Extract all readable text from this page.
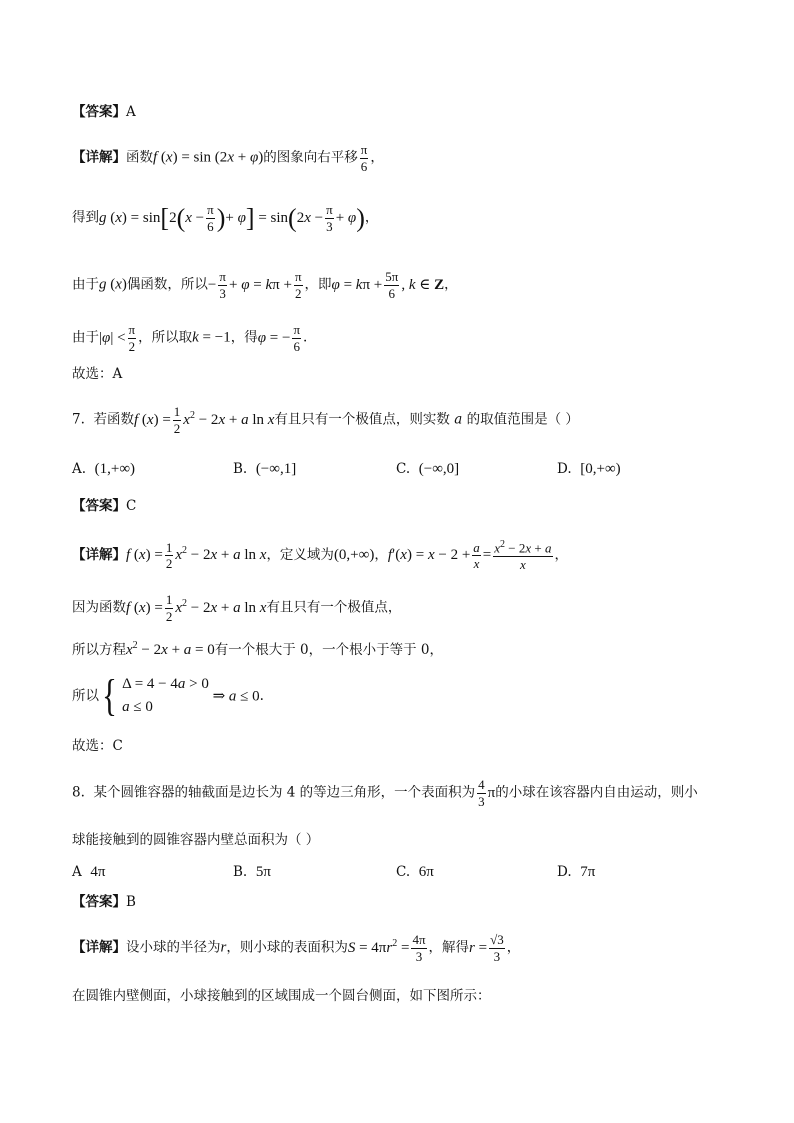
【答案】A
【详解】函数f (x) = sin (2x + φ)的图象向右平移 $\frac{\pi}{6}$ ，
得到g $(x) = \sin[2(x - \frac{\pi}{6}$ )+ $\varphi] = \sin(2x - \frac{\pi}{3} + \varphi)$，
由于g (x)偶函数，所以− $\frac{\pi}{3} + \varphi = k\pi + \frac{\pi}{2}$ ，即$\varphi = k\pi + \frac{5\pi}{6}$ , k ∈ Z，
由于$|\varphi| < \frac{\pi}{2}$ ，所以取k = −1，得φ = − $\frac{\pi}{6}$ .
故选：A
7. 若函数f $(x) = \frac{1}{2} x^2 - 2x + a$ ln x有且只有一个极值点，则实数 a 的取值范围是（ ）
A. (1,+∞)	B. (−∞,1]	C. (−∞,0]	D. [0,+∞)
【答案】C
【详解】f $(x) = \frac{1}{2} x^2 - 2x + a$ ln x，定义域为(0,+∞)，$f'(x) = x - 2 + \frac{a}{x} = \frac{x^2 - 2x + a}{x}$ ，
因为函数f $(x) = \frac{1}{2} x^2 - 2x + a$ ln x有且只有一个极值点，
所以方程$x^2 - 2x + a = 0$有一个根大于 0，一个根小于等于 0，
所以{ Δ = 4 − 4a > 0
a ≤ 0
⇒ a ≤ 0.
故选：C
8. 某个圆锥容器的轴截面是边长为 4 的等边三角形，一个表面积为 $\frac{4}{3}$ π的小球在该容器内自由运动，则小
球能接触到的圆锥容器内壁总面积为（ ）
A 4π	B. 5π	C. 6π	D. 7π
【答案】B
【详解】设小球的半径为r，则小球的表面积为$S = 4\pi r^2 = \frac{4\pi}{3}$ ，解得$r = \frac{√3}{3}$ ，
在圆锥内壁侧面，小球接触到的区域围成一个圆台侧面，如下图所示：
